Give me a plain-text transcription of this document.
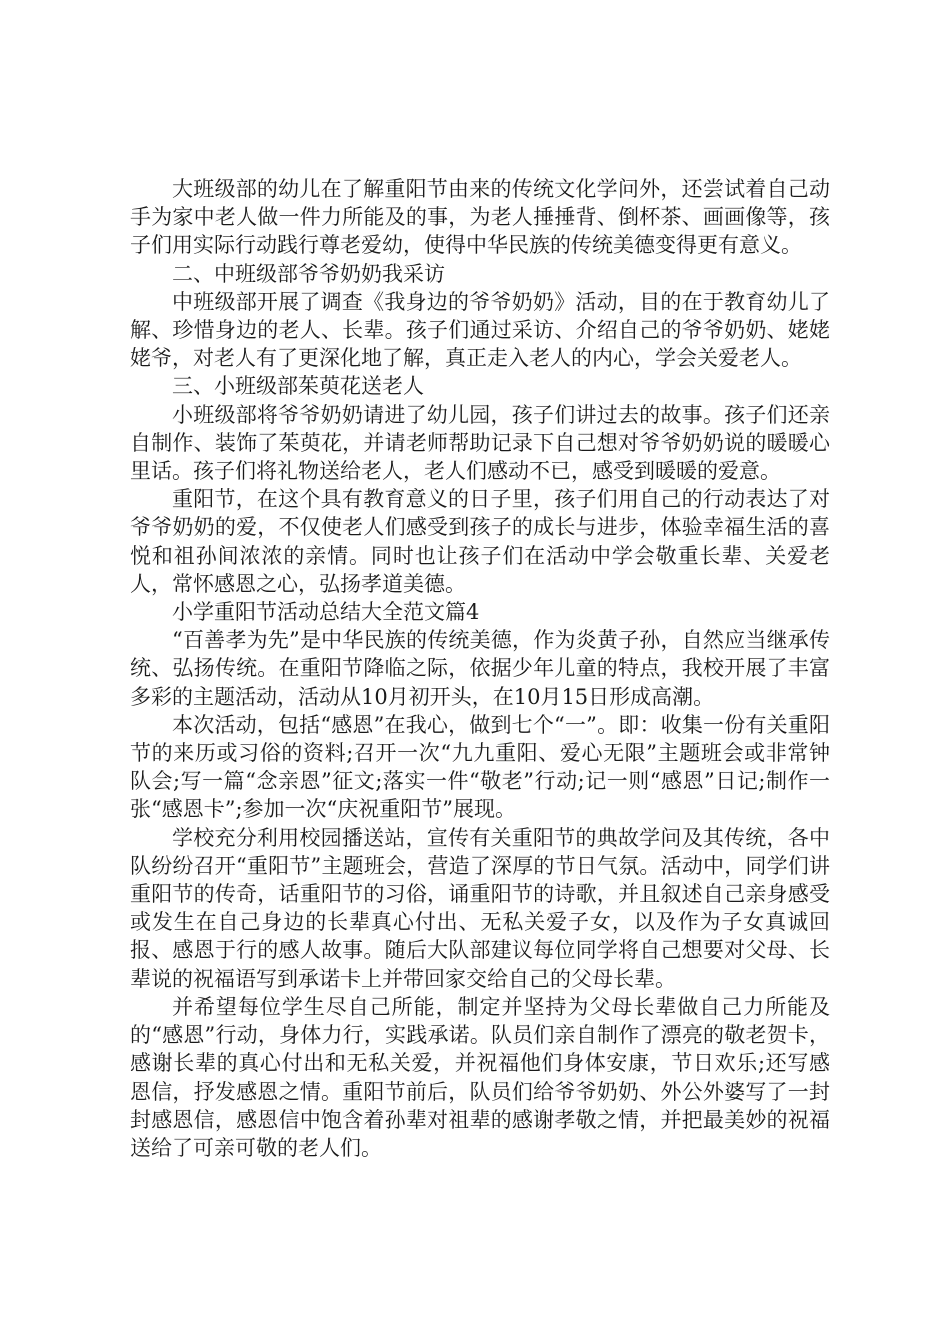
大班级部的幼儿在了解重阳节由来的传统文化学问外，还尝试着自己动手为家中老人做一件力所能及的事，为老人捶捶背、倒杯茶、画画像等，孩子们用实际行动践行尊老爱幼，使得中华民族的传统美德变得更有意义。

二、中班级部爷爷奶奶我采访

中班级部开展了调查《我身边的爷爷奶奶》活动，目的在于教育幼儿了解、珍惜身边的老人、长辈。孩子们通过采访、介绍自己的爷爷奶奶、姥姥姥爷，对老人有了更深化地了解，真正走入老人的内心，学会关爱老人。

三、小班级部茱萸花送老人

小班级部将爷爷奶奶请进了幼儿园，孩子们讲过去的故事。孩子们还亲自制作、装饰了茱萸花，并请老师帮助记录下自己想对爷爷奶奶说的暖暖心里话。孩子们将礼物送给老人，老人们感动不已，感受到暖暖的爱意。

重阳节，在这个具有教育意义的日子里，孩子们用自己的行动表达了对爷爷奶奶的爱，不仅使老人们感受到孩子的成长与进步，体验幸福生活的喜悦和祖孙间浓浓的亲情。同时也让孩子们在活动中学会敬重长辈、关爱老人，常怀感恩之心，弘扬孝道美德。

小学重阳节活动总结大全范文篇4

“百善孝为先”是中华民族的传统美德，作为炎黄子孙，自然应当继承传统、弘扬传统。在重阳节降临之际，依据少年儿童的特点，我校开展了丰富多彩的主题活动，活动从10月初开头，在10月15日形成高潮。

本次活动，包括“感恩”在我心，做到七个“一”。即：收集一份有关重阳节的来历或习俗的资料;召开一次“九九重阳、爱心无限”主题班会或非常钟队会;写一篇“念亲恩”征文;落实一件“敬老”行动;记一则“感恩”日记;制作一张“感恩卡”;参加一次“庆祝重阳节”展现。

学校充分利用校园播送站，宣传有关重阳节的典故学问及其传统，各中队纷纷召开“重阳节”主题班会，营造了深厚的节日气氛。活动中，同学们讲重阳节的传奇，话重阳节的习俗，诵重阳节的诗歌，并且叙述自己亲身感受或发生在自己身边的长辈真心付出、无私关爱子女，以及作为子女真诚回报、感恩于行的感人故事。随后大队部建议每位同学将自己想要对父母、长辈说的祝福语写到承诺卡上并带回家交给自己的父母长辈。

并希望每位学生尽自己所能，制定并坚持为父母长辈做自己力所能及的“感恩”行动，身体力行，实践承诺。队员们亲自制作了漂亮的敬老贺卡，感谢长辈的真心付出和无私关爱，并祝福他们身体安康，节日欢乐;还写感恩信，抒发感恩之情。重阳节前后，队员们给爷爷奶奶、外公外婆写了一封封感恩信，感恩信中饱含着孙辈对祖辈的感谢孝敬之情，并把最美妙的祝福送给了可亲可敬的老人们。
